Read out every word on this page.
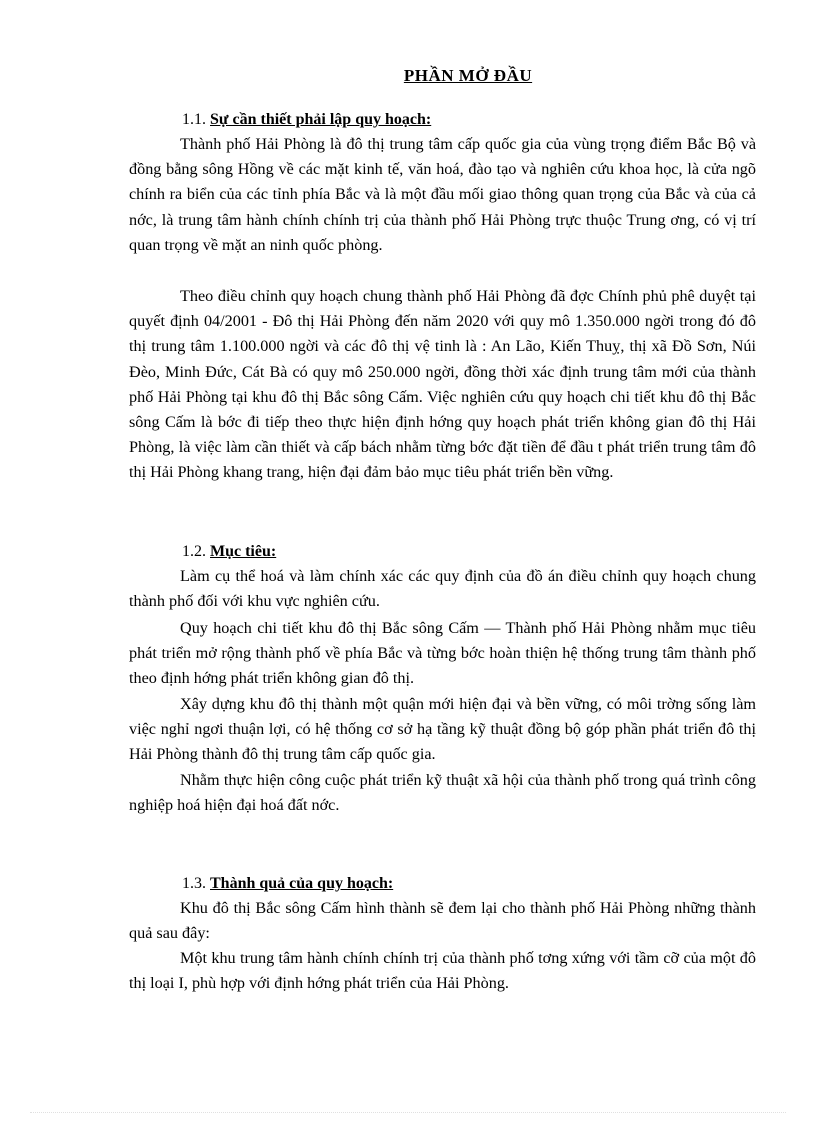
PHẦN MỞ ĐẦU
1.1. Sự cần thiết phải lập quy hoạch:

Thành phố Hải Phòng là đô thị trung tâm cấp quốc gia của vùng trọng điểm Bắc Bộ và đồng bằng sông Hồng về các mặt kinh tế, văn hoá, đào tạo và nghiên cứu khoa học, là cửa ngõ chính ra biển của các tỉnh phía Bắc và là một đầu mối giao thông quan trọng của Bắc và của cả nớc, là trung tâm hành chính chính trị của thành phố Hải Phòng trực thuộc Trung ơng, có vị trí quan trọng về mặt an ninh quốc phòng.

Theo điều chỉnh quy hoạch chung thành phố Hải Phòng đã đợc Chính phủ phê duyệt tại quyết định 04/2001 - Đô thị Hải Phòng đến năm 2020 với quy mô 1.350.000 ngời trong đó đô thị trung tâm 1.100.000 ngời và các đô thị vệ tinh là : An Lão, Kiến Thuỵ, thị xã Đồ Sơn, Núi Đèo, Minh Đức, Cát Bà có quy mô 250.000 ngời, đồng thời xác định trung tâm mới của thành phố Hải Phòng tại khu đô thị Bắc sông Cấm. Việc nghiên cứu quy hoạch chi tiết khu đô thị Bắc sông Cấm là bớc đi tiếp theo thực hiện định hớng quy hoạch phát triển không gian đô thị Hải Phòng, là việc làm cần thiết và cấp bách nhằm từng bớc đặt tiền để đầu t phát triển trung tâm đô thị Hải Phòng khang trang, hiện đại đảm bảo mục tiêu phát triển bền vững.

1.2. Mục tiêu:

Làm cụ thể hoá và làm chính xác các quy định của đồ án điều chỉnh quy hoạch chung thành phố đối với khu vực nghiên cứu.

Quy hoạch chi tiết khu đô thị Bắc sông Cấm — Thành phố Hải Phòng nhằm mục tiêu phát triển mở rộng thành phố về phía Bắc và từng bớc hoàn thiện hệ thống trung tâm thành phố theo định hớng phát triển không gian đô thị.

Xây dựng khu đô thị thành một quận mới hiện đại và bền vững, có môi trờng sống làm việc nghỉ ngơi thuận lợi, có hệ thống cơ sở hạ tầng kỹ thuật đồng bộ góp phần phát triển đô thị Hải Phòng thành đô thị trung tâm cấp quốc gia.

Nhằm thực hiện công cuộc phát triển kỹ thuật xã hội của thành phố trong quá trình công nghiệp hoá hiện đại hoá đất nớc.

1.3. Thành quả của quy hoạch:

Khu đô thị Bắc sông Cấm hình thành sẽ đem lại cho thành phố Hải Phòng những thành quả sau đây:

Một khu trung tâm hành chính chính trị của thành phố tơng xứng với tầm cỡ của một đô thị loại I, phù hợp với định hớng phát triển của Hải Phòng.
